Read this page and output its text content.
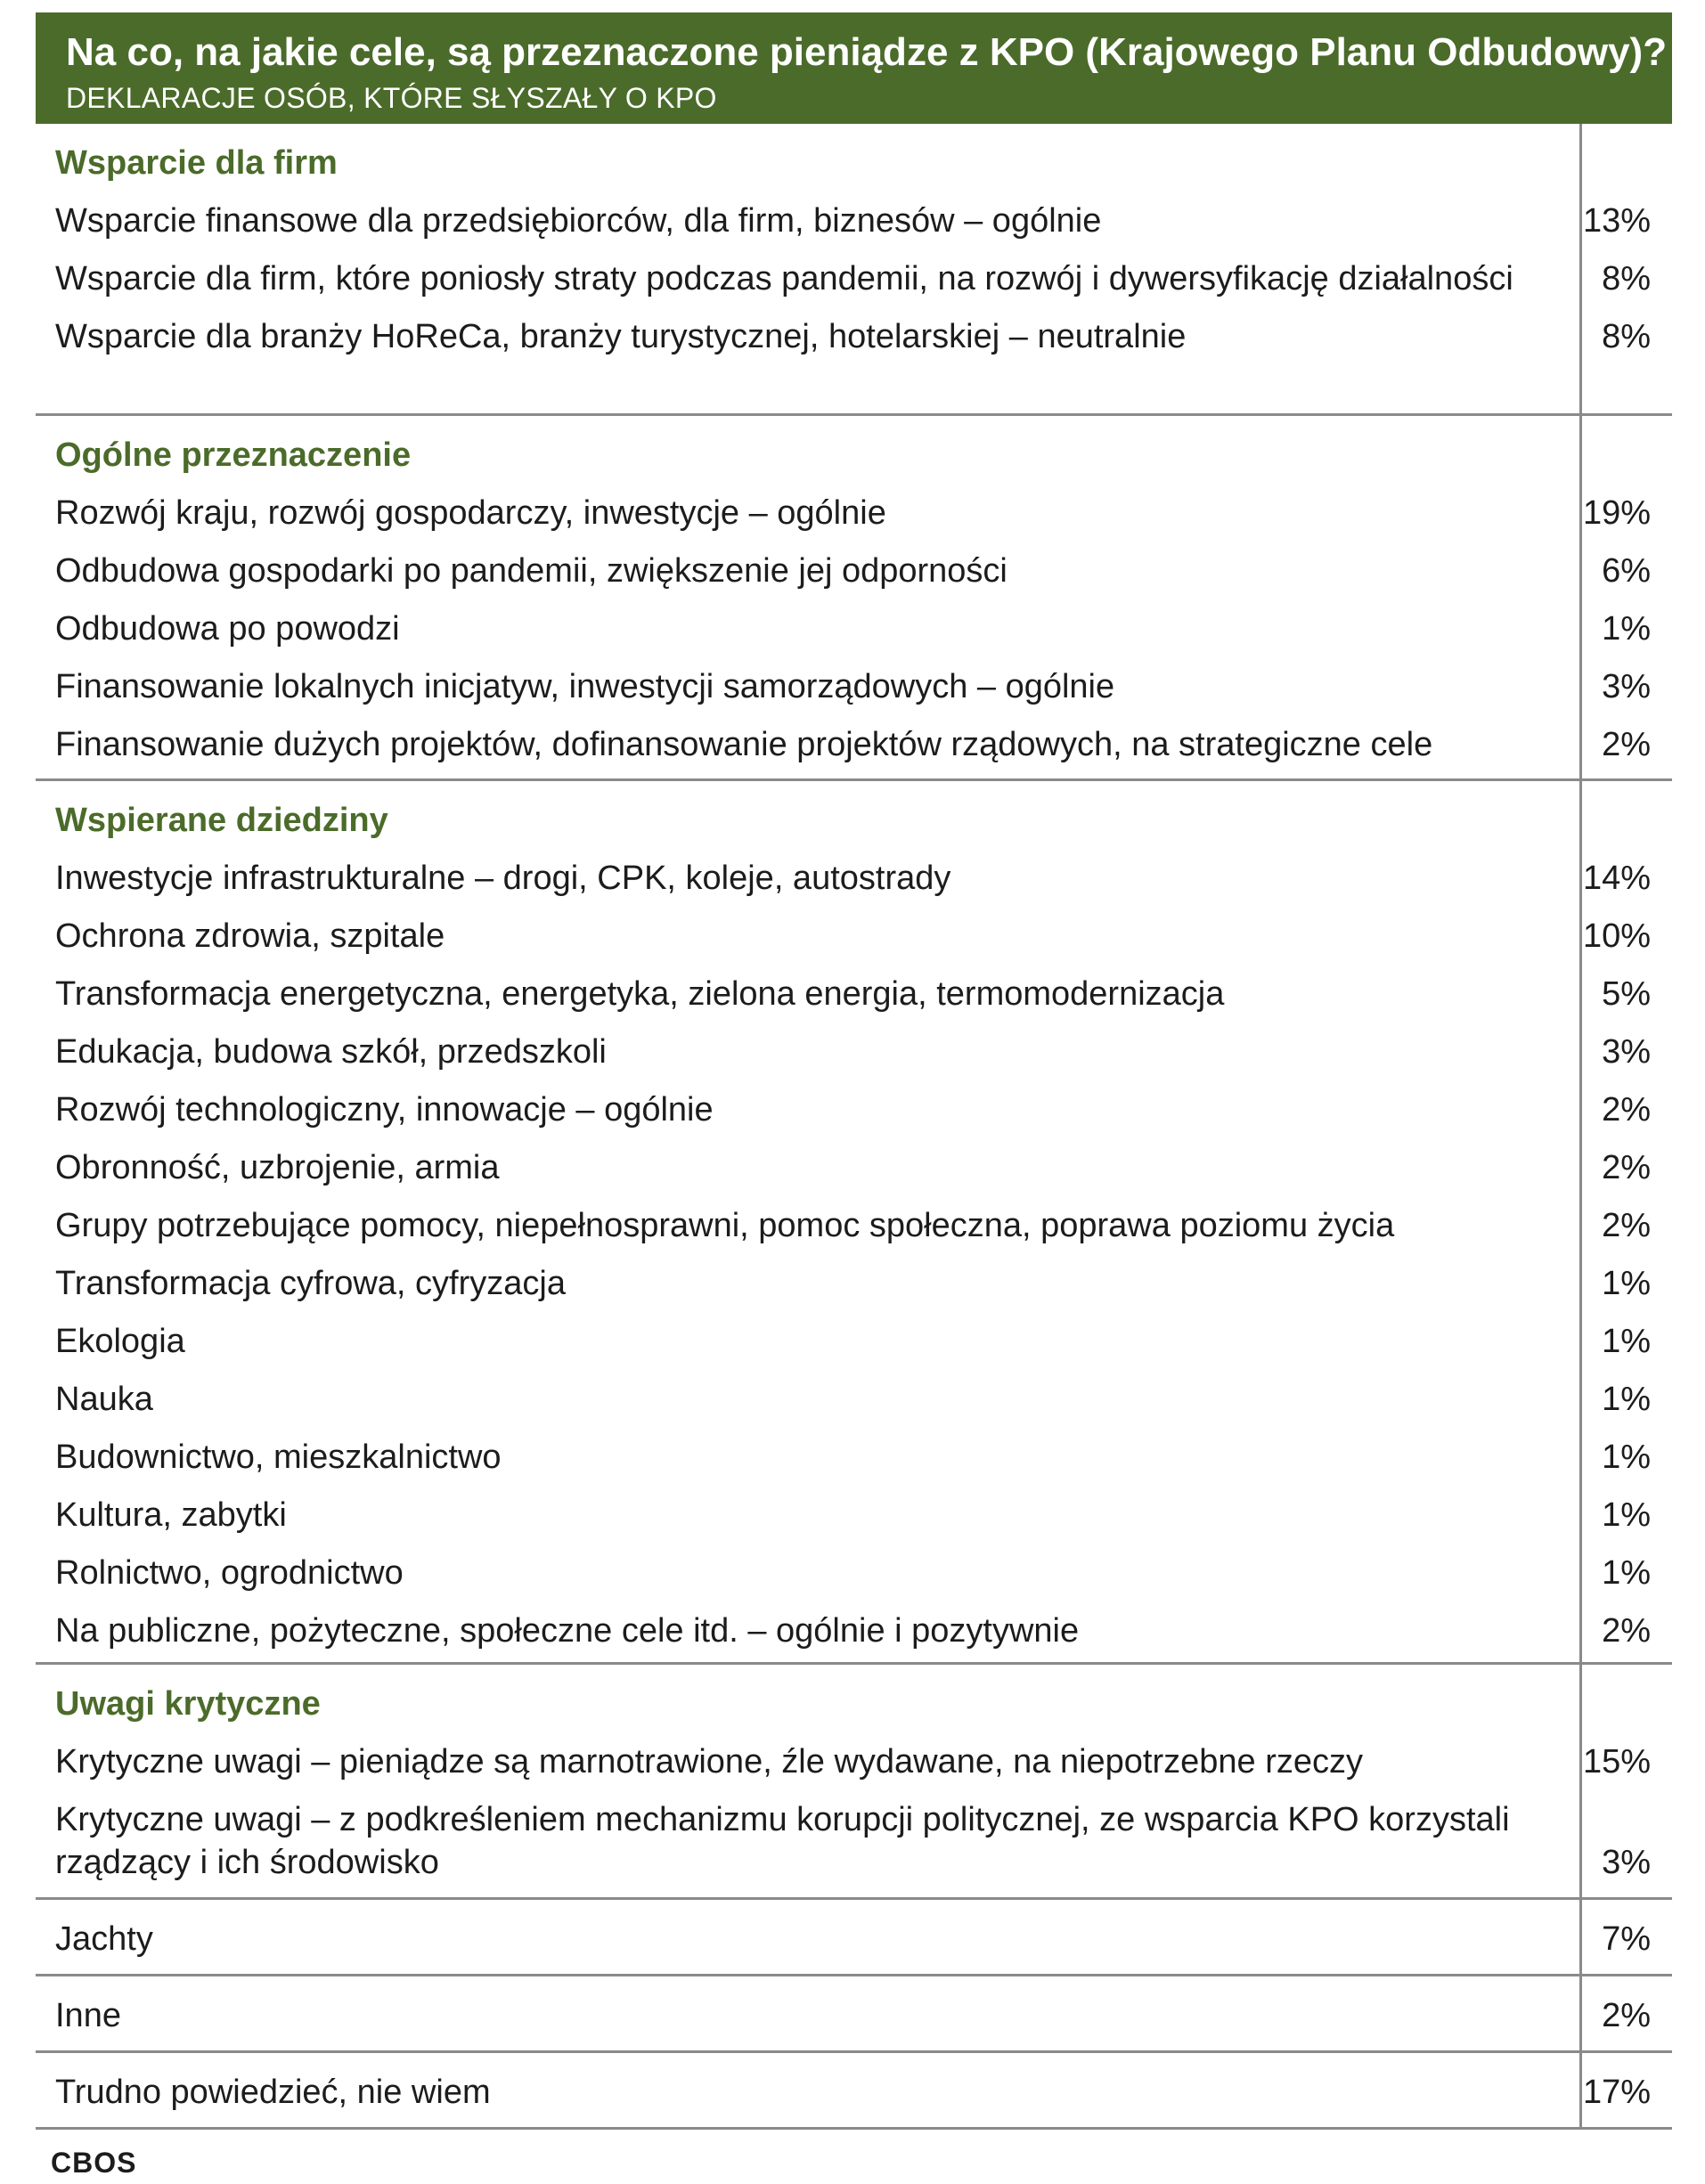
Na co, na jakie cele, są przeznaczone pieniądze z KPO (Krajowego Planu Odbudowy)?
DEKLARACJE OSÓB, KTÓRE SŁYSZAŁY O KPO
Wsparcie dla firm
Wsparcie finansowe dla przedsiębiorców, dla firm, biznesów – ogólnie	13%
Wsparcie dla firm, które poniosły straty podczas pandemii, na rozwój i dywersyfikację działalności	8%
Wsparcie dla branży HoReCa, branży turystycznej, hotelarskiej – neutralnie	8%
Ogólne przeznaczenie
Rozwój kraju, rozwój gospodarczy, inwestycje – ogólnie	19%
Odbudowa gospodarki po pandemii, zwiększenie jej odporności	6%
Odbudowa po powodzi	1%
Finansowanie lokalnych inicjatyw, inwestycji samorządowych – ogólnie	3%
Finansowanie dużych projektów, dofinansowanie projektów rządowych, na strategiczne cele	2%
Wspierane dziedziny
Inwestycje infrastrukturalne – drogi, CPK, koleje, autostrady	14%
Ochrona zdrowia, szpitale	10%
Transformacja energetyczna, energetyka, zielona energia, termomodernizacja	5%
Edukacja, budowa szkół, przedszkoli	3%
Rozwój technologiczny, innowacje – ogólnie	2%
Obronność, uzbrojenie, armia	2%
Grupy potrzebujące pomocy, niepełnosprawni, pomoc społeczna, poprawa poziomu życia	2%
Transformacja cyfrowa, cyfryzacja	1%
Ekologia	1%
Nauka	1%
Budownictwo, mieszkalnictwo	1%
Kultura, zabytki	1%
Rolnictwo, ogrodnictwo	1%
Na publiczne, pożyteczne, społeczne cele itd. – ogólnie i pozytywnie	2%
Uwagi krytyczne
Krytyczne uwagi – pieniądze są marnotrawione, źle wydawane, na niepotrzebne rzeczy	15%
Krytyczne uwagi – z podkreśleniem mechanizmu korupcji politycznej, ze wsparcia KPO korzystali rządzący i ich środowisko	3%
Jachty	7%
Inne	2%
Trudno powiedzieć, nie wiem	17%
CBOS
